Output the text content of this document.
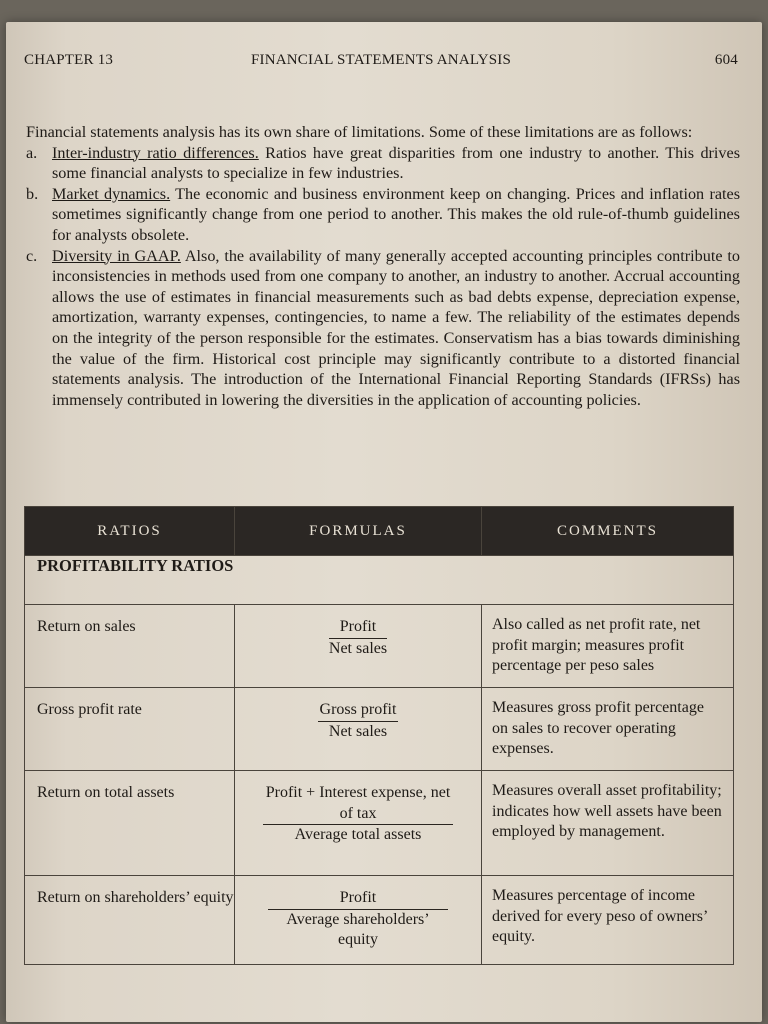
CHAPTER 13	FINANCIAL STATEMENTS ANALYSIS	604

Financial statements analysis has its own share of limitations. Some of these limitations are as follows:

a. Inter-industry ratio differences. Ratios have great disparities from one industry to another. This drives some financial analysts to specialize in few industries.
b. Market dynamics. The economic and business environment keep on changing. Prices and inflation rates sometimes significantly change from one period to another. This makes the old rule-of-thumb guidelines for analysts obsolete.
c. Diversity in GAAP. Also, the availability of many generally accepted accounting principles contribute to inconsistencies in methods used from one company to another, an industry to another. Accrual accounting allows the use of estimates in financial measurements such as bad debts expense, depreciation expense, amortization, warranty expenses, contingencies, to name a few. The reliability of the estimates depends on the integrity of the person responsible for the estimates. Conservatism has a bias towards diminishing the value of the firm. Historical cost principle may significantly contribute to a distorted financial statements analysis. The introduction of the International Financial Reporting Standards (IFRSs) has immensely contributed in lowering the diversities in the application of accounting policies.
RATIOS	FORMULAS	COMMENTS
PROFITABILITY RATIOS		
Return on sales	$\frac{\text{Profit}}{\text{Net sales}}$	Also called as net profit rate, net profit margin; measures profit percentage per peso sales
Gross profit rate	$\frac{\text{Gross profit}}{\text{Net sales}}$	Measures gross profit percentage on sales to recover operating expenses.
Return on total assets	$\frac{\text{Profit + Interest expense, net of tax}}{\text{Average total assets}}$	Measures overall asset profitability; indicates how well assets have been employed by management.
Return on shareholders’ equity	$\frac{\text{Profit}}{\text{Average shareholders’ equity}}$	Measures percentage of income derived for every peso of owners’ equity.
